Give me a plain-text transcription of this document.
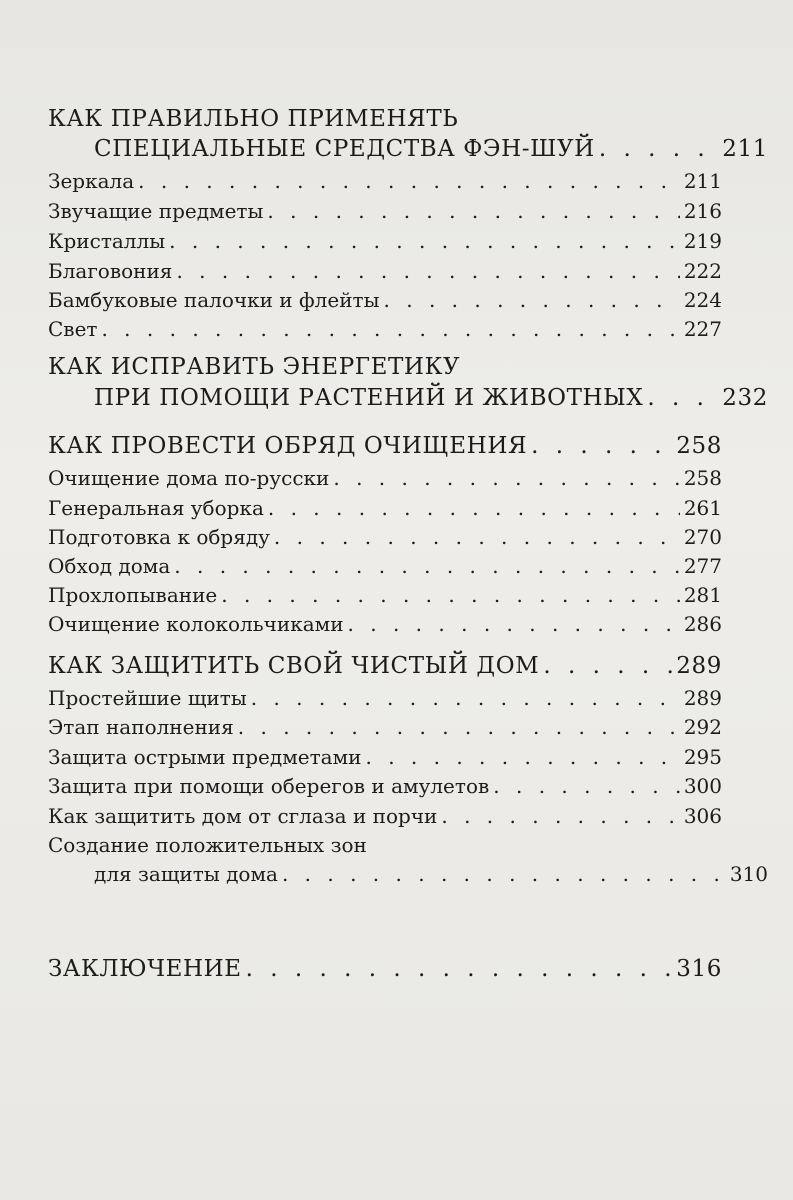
КАК ПРАВИЛЬНО ПРИМЕНЯТЬ
СПЕЦИАЛЬНЫЕ СРЕДСТВА ФЭН-ШУЙ . . .	211
Зеркала . . .	211
Звучащие предметы . . .	216
Кристаллы . . .	219
Благовония . . .	222
Бамбуковые палочки и флейты . . .	224
Свет . . .	227
КАК ИСПРАВИТЬ ЭНЕРГЕТИКУ
ПРИ ПОМОЩИ РАСТЕНИЙ И ЖИВОТНЫХ . . .	232
КАК ПРОВЕСТИ ОБРЯД ОЧИЩЕНИЯ . . .	258
Очищение дома по-русски . . .	258
Генеральная уборка . . .	261
Подготовка к обряду . . .	270
Обход дома . . .	277
Прохлопывание . . .	281
Очищение колокольчиками . . .	286
КАК ЗАЩИТИТЬ СВОЙ ЧИСТЫЙ ДОМ . . .	289
Простейшие щиты . . .	289
Этап наполнения . . .	292
Защита острыми предметами . . .	295
Защита при помощи оберегов и амулетов . . .	300
Как защитить дом от сглаза и порчи . . .	306
Создание положительных зон
для защиты дома . . .	310
ЗАКЛЮЧЕНИЕ . . .	316
